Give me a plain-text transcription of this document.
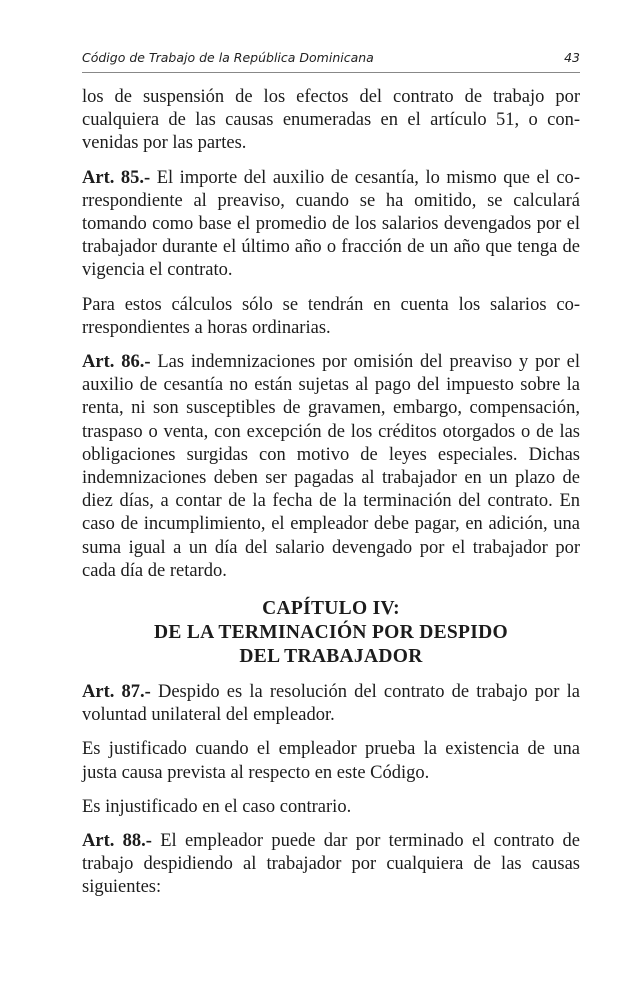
Código de Trabajo de la República Dominicana	43

los de suspensión de los efectos del contrato de trabajo por cualquiera de las causas enumeradas en el artículo 51, o convenidas por las partes.

Art. 85.- El importe del auxilio de cesantía, lo mismo que el correspondiente al preaviso, cuando se ha omitido, se calculará tomando como base el promedio de los salarios devengados por el trabajador durante el último año o fracción de un año que tenga de vigencia el contrato.

Para estos cálculos sólo se tendrán en cuenta los salarios correspondientes a horas ordinarias.

Art. 86.- Las indemnizaciones por omisión del preaviso y por el auxilio de cesantía no están sujetas al pago del impuesto sobre la renta, ni son susceptibles de gravamen, embargo, compensación, traspaso o venta, con excepción de los créditos otorgados o de las obligaciones surgidas con motivo de leyes especiales. Dichas indemnizaciones deben ser pagadas al trabajador en un plazo de diez días, a contar de la fecha de la terminación del contrato. En caso de incumplimiento, el empleador debe pagar, en adición, una suma igual a un día del salario devengado por el trabajador por cada día de retardo.

CAPÍTULO IV:
DE LA TERMINACIÓN POR DESPIDO
DEL TRABAJADOR

Art. 87.- Despido es la resolución del contrato de trabajo por la voluntad unilateral del empleador.

Es justificado cuando el empleador prueba la existencia de una justa causa prevista al respecto en este Código.

Es injustificado en el caso contrario.

Art. 88.- El empleador puede dar por terminado el contrato de trabajo despidiendo al trabajador por cualquiera de las causas siguientes:
